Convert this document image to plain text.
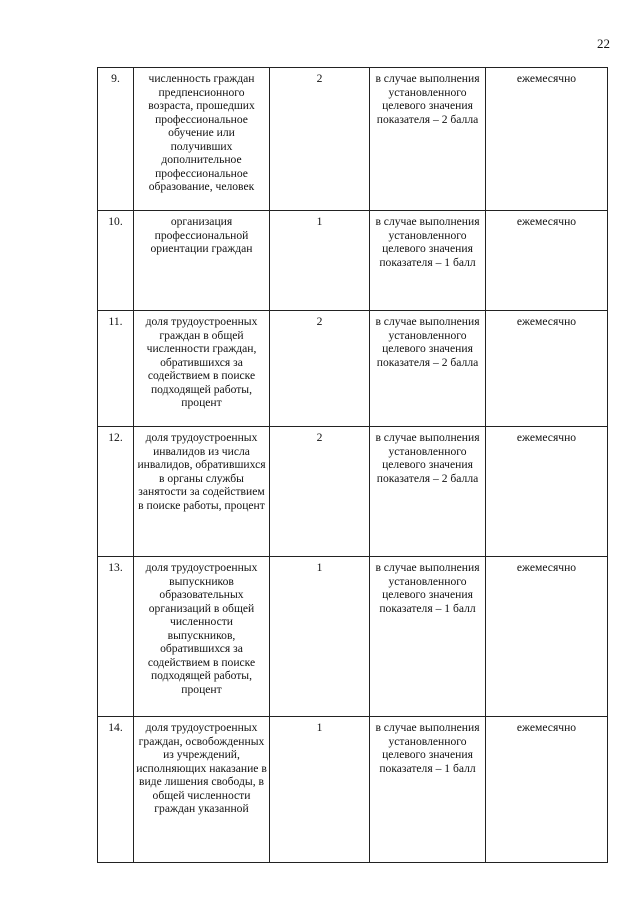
22
9.	численность граждан предпенсионного возраста, прошедших профессиональное обучение или получивших дополнительное профессиональное образование, человек	2	в случае выполнения установленного целевого значения показателя – 2 балла	ежемесячно
10.	организация профессиональной ориентации граждан	1	в случае выполнения установленного целевого значения показателя – 1 балл	ежемесячно
11.	доля трудоустроенных граждан в общей численности граждан, обратившихся за содействием в поиске подходящей работы, процент	2	в случае выполнения установленного целевого значения показателя – 2 балла	ежемесячно
12.	доля трудоустроенных инвалидов из числа инвалидов, обратившихся в органы службы занятости за содействием в поиске работы, процент	2	в случае выполнения установленного целевого значения показателя – 2 балла	ежемесячно
13.	доля трудоустроенных выпускников образовательных организаций в общей численности выпускников, обратившихся за содействием в поиске подходящей работы, процент	1	в случае выполнения установленного целевого значения показателя – 1 балл	ежемесячно
14.	доля трудоустроенных граждан, освобожденных из учреждений, исполняющих наказание в виде лишения свободы, в общей численности граждан указанной	1	в случае выполнения установленного целевого значения показателя – 1 балл	ежемесячно
